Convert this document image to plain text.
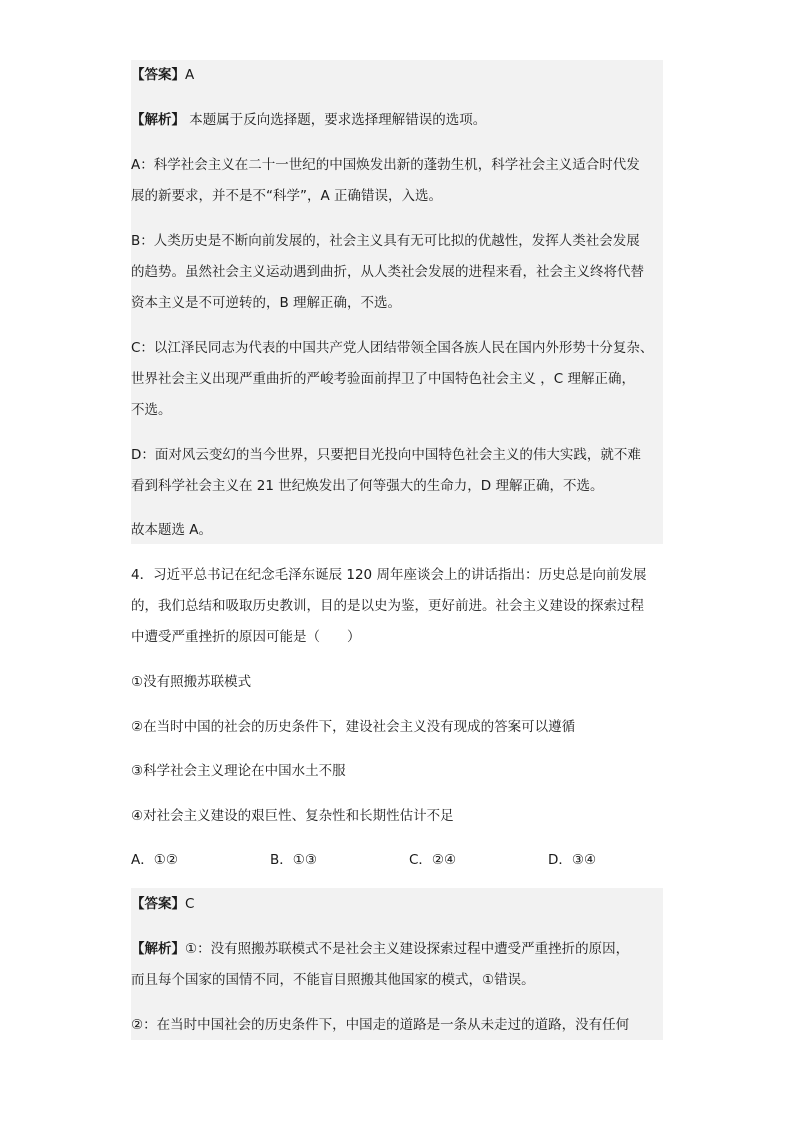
【答案】A
【解析】 本题属于反向选择题，要求选择理解错误的选项。
A：科学社会主义在二十一世纪的中国焕发出新的蓬勃生机，科学社会主义适合时代发
展的新要求，并不是不“科学”，A 正确错误，入选。
B：人类历史是不断向前发展的，社会主义具有无可比拟的优越性，发挥人类社会发展
的趋势。虽然社会主义运动遇到曲折，从人类社会发展的进程来看，社会主义终将代替
资本主义是不可逆转的，B 理解正确，不选。
C：以江泽民同志为代表的中国共产党人团结带领全国各族人民在国内外形势十分复杂、
世界社会主义出现严重曲折的严峻考验面前捍卫了中国特色社会主义 ，C 理解正确，
不选。
D：面对风云变幻的当今世界，只要把目光投向中国特色社会主义的伟大实践，就不难
看到科学社会主义在 21 世纪焕发出了何等强大的生命力，D 理解正确，不选。
故本题选 A。
4．习近平总书记在纪念毛泽东诞辰 120 周年座谈会上的讲话指出：历史总是向前发展
的，我们总结和吸取历史教训，目的是以史为鉴，更好前进。社会主义建设的探索过程
中遭受严重挫折的原因可能是（　　）
①没有照搬苏联模式
②在当时中国的社会的历史条件下，建设社会主义没有现成的答案可以遵循
③科学社会主义理论在中国水土不服
④对社会主义建设的艰巨性、复杂性和长期性估计不足
A．①②	B．①③	C．②④	D．③④
【答案】C
【解析】①：没有照搬苏联模式不是社会主义建设探索过程中遭受严重挫折的原因，
而且每个国家的国情不同，不能盲目照搬其他国家的模式，①错误。
②：在当时中国社会的历史条件下，中国走的道路是一条从未走过的道路，没有任何
